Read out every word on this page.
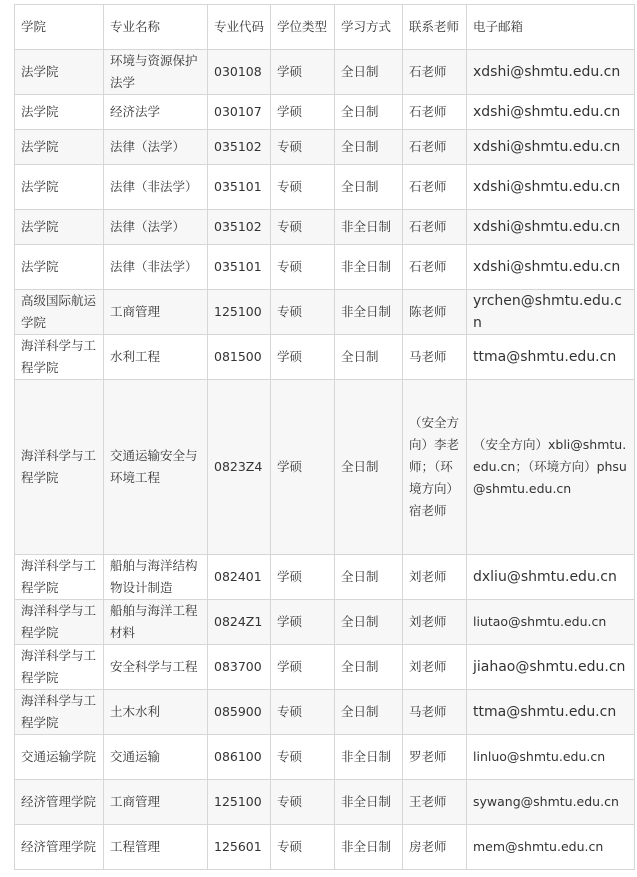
学院	专业名称	专业代码	学位类型	学习方式	联系老师	电子邮箱
法学院	环境与资源保护法学	030108	学硕	全日制	石老师	xdshi@shmtu.edu.cn
法学院	经济法学	030107	学硕	全日制	石老师	xdshi@shmtu.edu.cn
法学院	法律（法学）	035102	专硕	全日制	石老师	xdshi@shmtu.edu.cn
法学院	法律（非法学）	035101	专硕	全日制	石老师	xdshi@shmtu.edu.cn
法学院	法律（法学）	035102	专硕	非全日制	石老师	xdshi@shmtu.edu.cn
法学院	法律（非法学）	035101	专硕	非全日制	石老师	xdshi@shmtu.edu.cn
高级国际航运学院	工商管理	125100	专硕	非全日制	陈老师	yrchen@shmtu.edu.cn
海洋科学与工程学院	水利工程	081500	学硕	全日制	马老师	ttma@shmtu.edu.cn
海洋科学与工程学院	交通运输安全与环境工程	0823Z4	学硕	全日制	（安全方向）李老师；（环境方向）宿老师	（安全方向）xbli@shmtu.edu.cn；（环境方向）phsu@shmtu.edu.cn
海洋科学与工程学院	船舶与海洋结构物设计制造	082401	学硕	全日制	刘老师	dxliu@shmtu.edu.cn
海洋科学与工程学院	船舶与海洋工程材料	0824Z1	学硕	全日制	刘老师	liutao@shmtu.edu.cn
海洋科学与工程学院	安全科学与工程	083700	学硕	全日制	刘老师	jiahao@shmtu.edu.cn
海洋科学与工程学院	土木水利	085900	专硕	全日制	马老师	ttma@shmtu.edu.cn
交通运输学院	交通运输	086100	专硕	非全日制	罗老师	linluo@shmtu.edu.cn
经济管理学院	工商管理	125100	专硕	非全日制	王老师	sywang@shmtu.edu.cn
经济管理学院	工程管理	125601	专硕	非全日制	房老师	mem@shmtu.edu.cn
